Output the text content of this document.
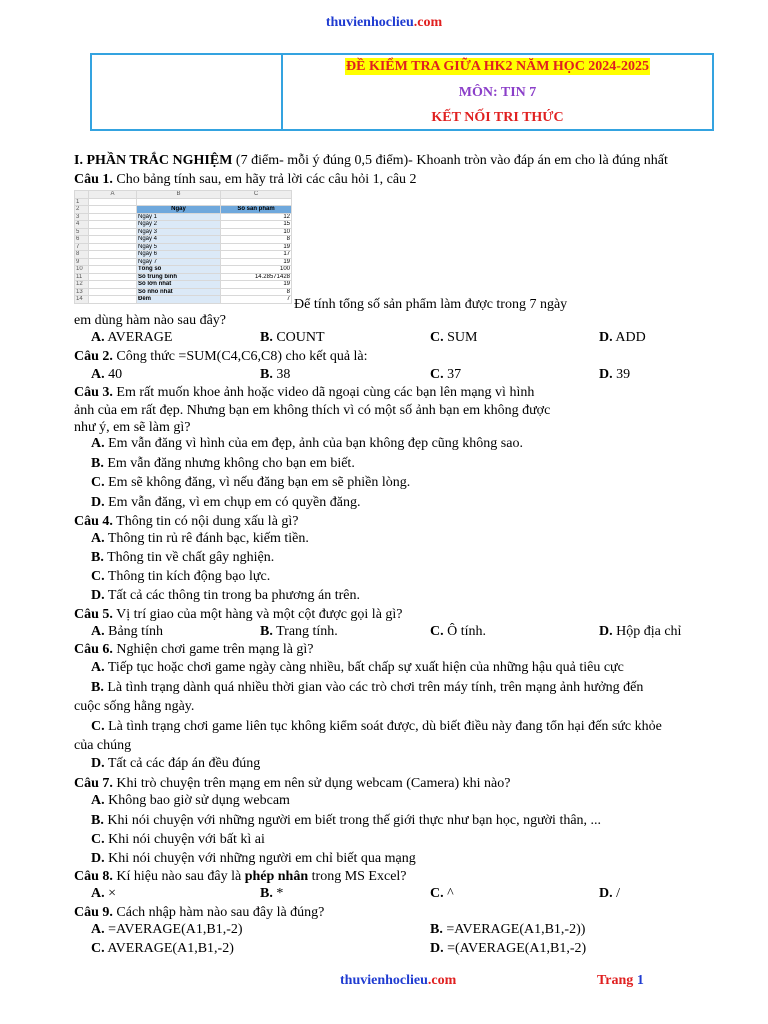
thuvienhoclieu.com
ĐỀ KIỂM TRA GIỮA HK2 NĂM HỌC 2024-2025
MÔN: TIN 7
KẾT NỐI TRI THỨC
I. PHẦN TRẮC NGHIỆM (7 điểm- mỗi ý đúng 0,5 điểm)- Khoanh tròn vào đáp án em cho là đúng nhất
Câu 1. Cho bảng tính sau, em hãy trả lời các câu hỏi 1, câu 2
Để tính tổng số sản phẩm làm được trong 7 ngày
em dùng hàm nào sau đây?
A. AVERAGE	B. COUNT	C. SUM	D. ADD
Câu 2. Công thức =SUM(C4,C6,C8) cho kết quả là:
A. 40	B. 38	C. 37	D. 39
Câu 3. Em rất muốn khoe ảnh hoặc video dã ngoại cùng các bạn lên mạng vì hình
ảnh của em rất đẹp. Nhưng bạn em không thích vì có một số ảnh bạn em không được
như ý, em sẽ làm gì?
A. Em vẫn đăng vì hình của em đẹp, ảnh của bạn không đẹp cũng không sao.
B. Em vẫn đăng nhưng không cho bạn em biết.
C. Em sẽ không đăng, vì nếu đăng bạn em sẽ phiền lòng.
D. Em vẫn đăng, vì em chụp em có quyền đăng.
Câu 4. Thông tin có nội dung xấu là gì?
A. Thông tin rủ rê đánh bạc, kiếm tiền.
B. Thông tin về chất gây nghiện.
C. Thông tin kích động bạo lực.
D. Tất cả các thông tin trong ba phương án trên.
Câu 5. Vị trí giao của một hàng và một cột được gọi là gì?
A. Bảng tính	B. Trang tính.	C. Ô tính.	D. Hộp địa chỉ
Câu 6. Nghiện chơi game trên mạng là gì?
A. Tiếp tục hoặc chơi game ngày càng nhiều, bất chấp sự xuất hiện của những hậu quả tiêu cực
B. Là tình trạng dành quá nhiều thời gian vào các trò chơi trên máy tính, trên mạng ảnh hưởng đến
cuộc sống hằng ngày.
C. Là tình trạng chơi game liên tục không kiểm soát được, dù biết điều này đang tổn hại đến sức khỏe
của chúng
D. Tất cả các đáp án đều đúng
Câu 7. Khi trò chuyện trên mạng em nên sử dụng webcam (Camera) khi nào?
A. Không bao giờ sử dụng webcam
B. Khi nói chuyện với những người em biết trong thế giới thực như bạn học, người thân, ...
C. Khi nói chuyện với bất kì ai
D. Khi nói chuyện với những người em chỉ biết qua mạng
Câu 8. Kí hiệu nào sau đây là phép nhân trong MS Excel?
A. ×	B. *	C. ^	D. /
Câu 9. Cách nhập hàm nào sau đây là đúng?
A. =AVERAGE(A1,B1,-2)	B. =AVERAGE(A1,B1,-2))
C. AVERAGE(A1,B1,-2)	D. =(AVERAGE(A1,B1,-2)
	A	B	C
1			
2		Ngày	Số sản phẩm
3		Ngày 1	12
4		Ngày 2	15
5		Ngày 3	10
6		Ngày 4	8
7		Ngày 5	19
8		Ngày 6	17
9		Ngày 7	19
10		Tổng số	100
11		Số trung bình	14.28571428
12		Số lớn nhất	19
13		Số nhỏ nhất	8
14		Đếm	7
thuvienhoclieu.com	Trang 1
